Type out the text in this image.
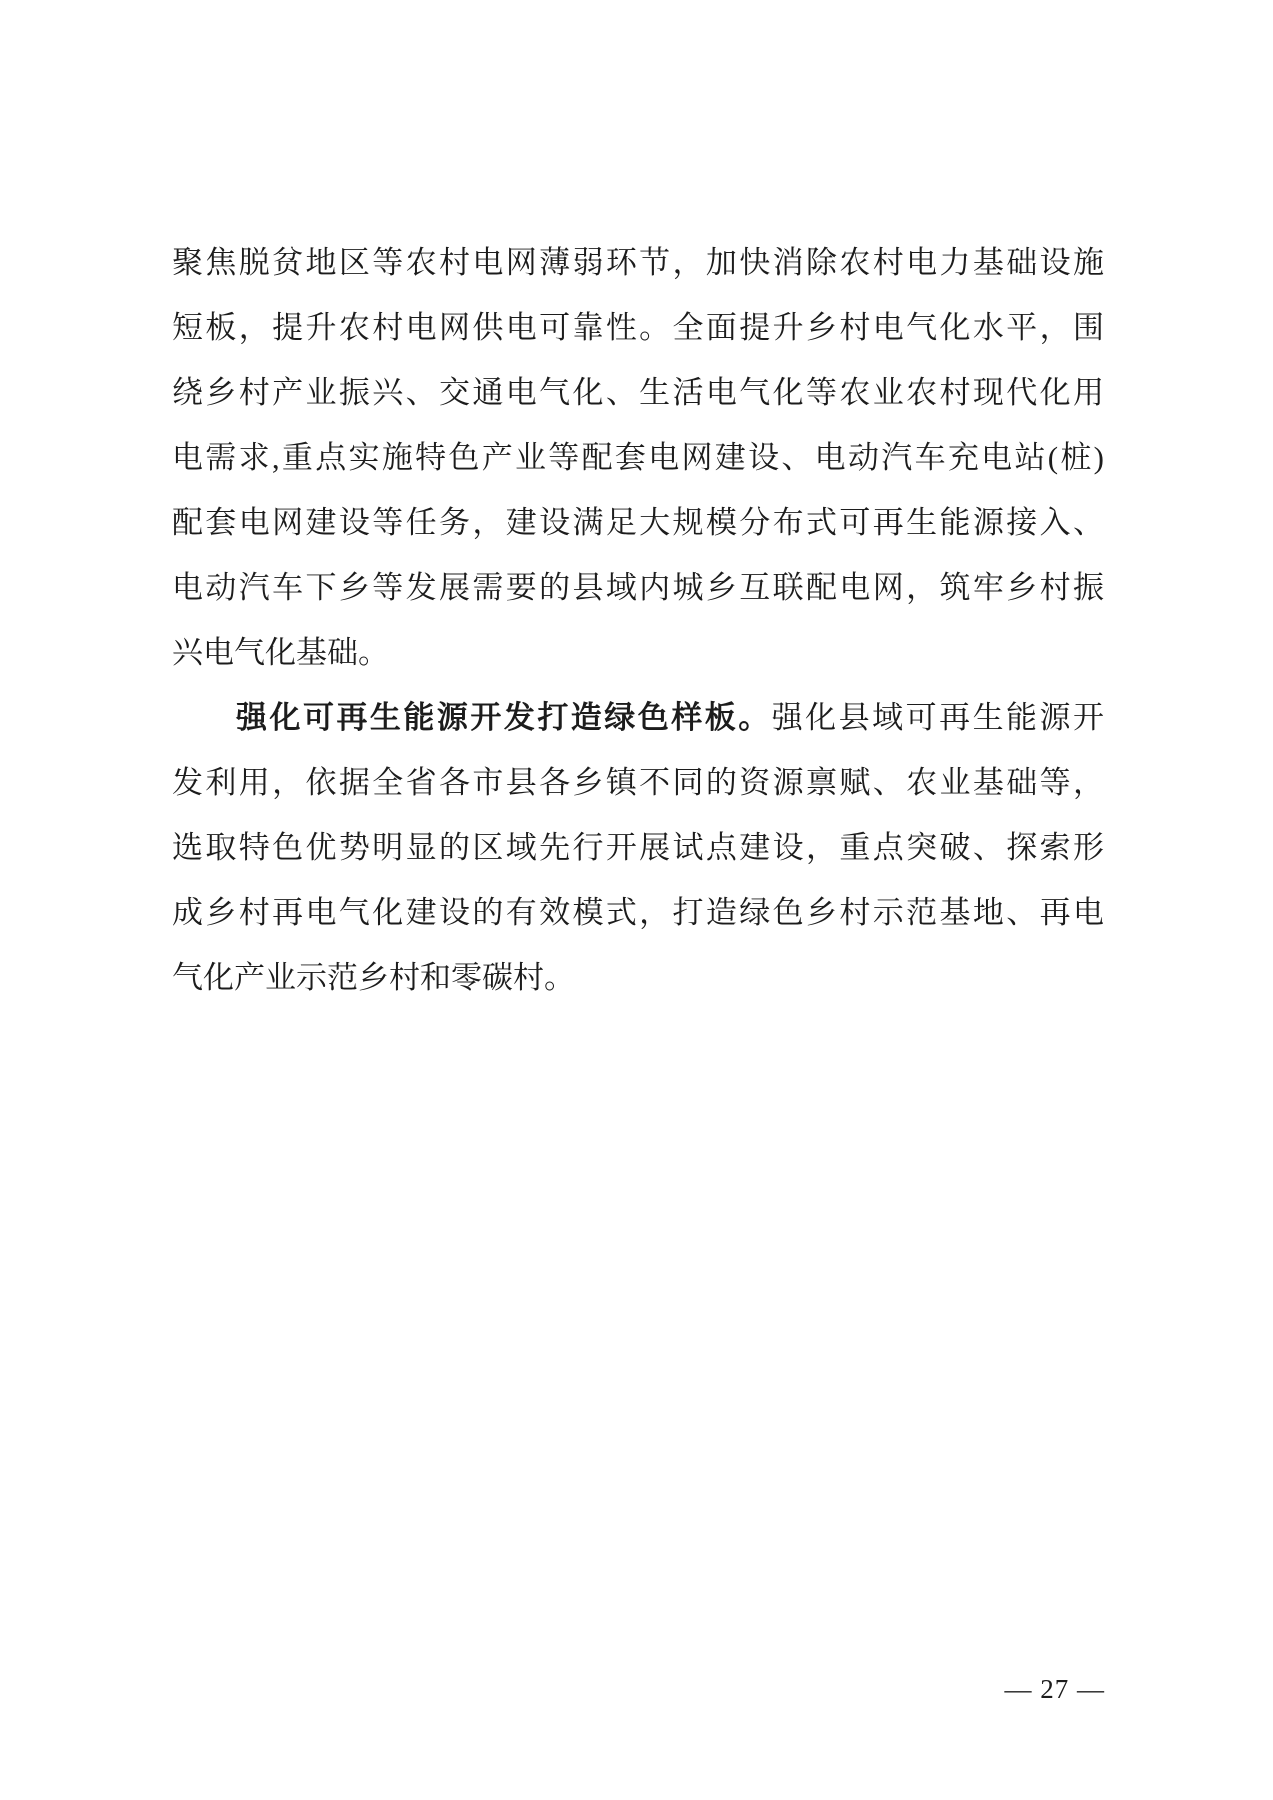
聚焦脱贫地区等农村电网薄弱环节，加快消除农村电力基础设施
短板，提升农村电网供电可靠性。全面提升乡村电气化水平，围
绕乡村产业振兴、交通电气化、生活电气化等农业农村现代化用
电需求,重点实施特色产业等配套电网建设、电动汽车充电站(桩)
配套电网建设等任务，建设满足大规模分布式可再生能源接入、
电动汽车下乡等发展需要的县域内城乡互联配电网，筑牢乡村振
兴电气化基础。
强化可再生能源开发打造绿色样板。强化县域可再生能源开
发利用，依据全省各市县各乡镇不同的资源禀赋、农业基础等，
选取特色优势明显的区域先行开展试点建设，重点突破、探索形
成乡村再电气化建设的有效模式，打造绿色乡村示范基地、再电
气化产业示范乡村和零碳村。
— 27 —
